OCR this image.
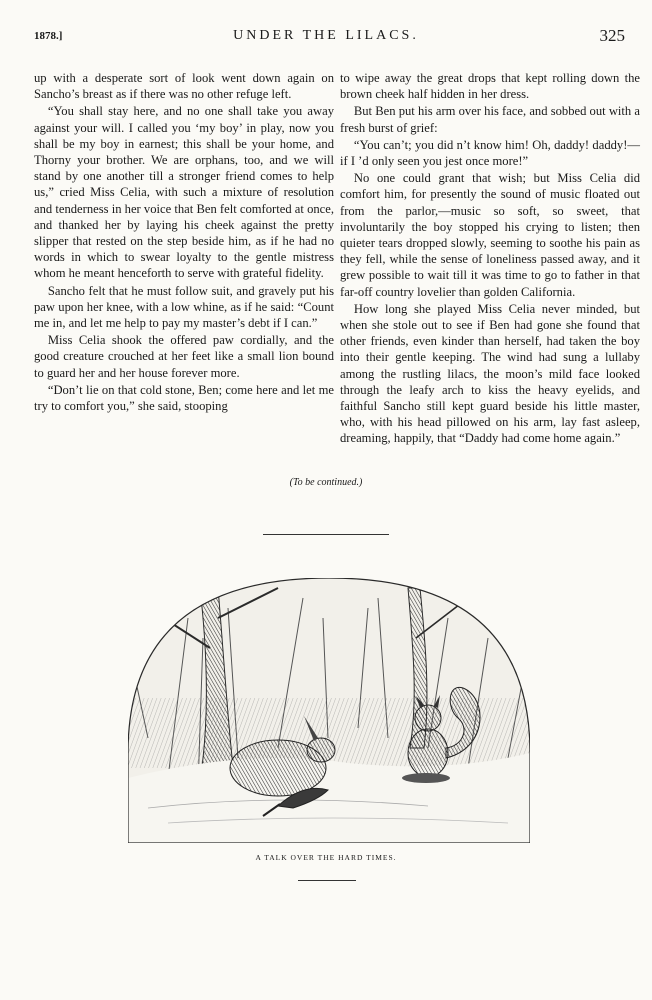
1878.]	UNDER THE LILACS.	325

up with a desperate sort of look went down again on Sancho’s breast as if there was no other refuge left.

“You shall stay here, and no one shall take you away against your will. I called you ‘my boy’ in play, now you shall be my boy in earnest; this shall be your home, and Thorny your brother. We are orphans, too, and we will stand by one another till a stronger friend comes to help us,” cried Miss Celia, with such a mixture of resolution and tenderness in her voice that Ben felt comforted at once, and thanked her by laying his cheek against the pretty slipper that rested on the step beside him, as if he had no words in which to swear loyalty to the gentle mistress whom he meant henceforth to serve with grateful fidelity.

Sancho felt that he must follow suit, and gravely put his paw upon her knee, with a low whine, as if he said: “Count me in, and let me help to pay my master’s debt if I can.”

Miss Celia shook the offered paw cordially, and the good creature crouched at her feet like a small lion bound to guard her and her house forever more.

“Don’t lie on that cold stone, Ben; come here and let me try to comfort you,” she said, stooping

to wipe away the great drops that kept rolling down the brown cheek half hidden in her dress.

But Ben put his arm over his face, and sobbed out with a fresh burst of grief:

“You can’t; you did n’t know him! Oh, daddy! daddy!—if I ’d only seen you jest once more!”

No one could grant that wish; but Miss Celia did comfort him, for presently the sound of music floated out from the parlor,—music so soft, so sweet, that involuntarily the boy stopped his crying to listen; then quieter tears dropped slowly, seeming to soothe his pain as they fell, while the sense of loneliness passed away, and it grew possible to wait till it was time to go to father in that far-off country lovelier than golden California.

How long she played Miss Celia never minded, but when she stole out to see if Ben had gone she found that other friends, even kinder than herself, had taken the boy into their gentle keeping. The wind had sung a lullaby among the rustling lilacs, the moon’s mild face looked through the leafy arch to kiss the heavy eyelids, and faithful Sancho still kept guard beside his little master, who, with his head pillowed on his arm, lay fast asleep, dreaming, happily, that “Daddy had come home again.”

(To be continued.)
A TALK OVER THE HARD TIMES.
